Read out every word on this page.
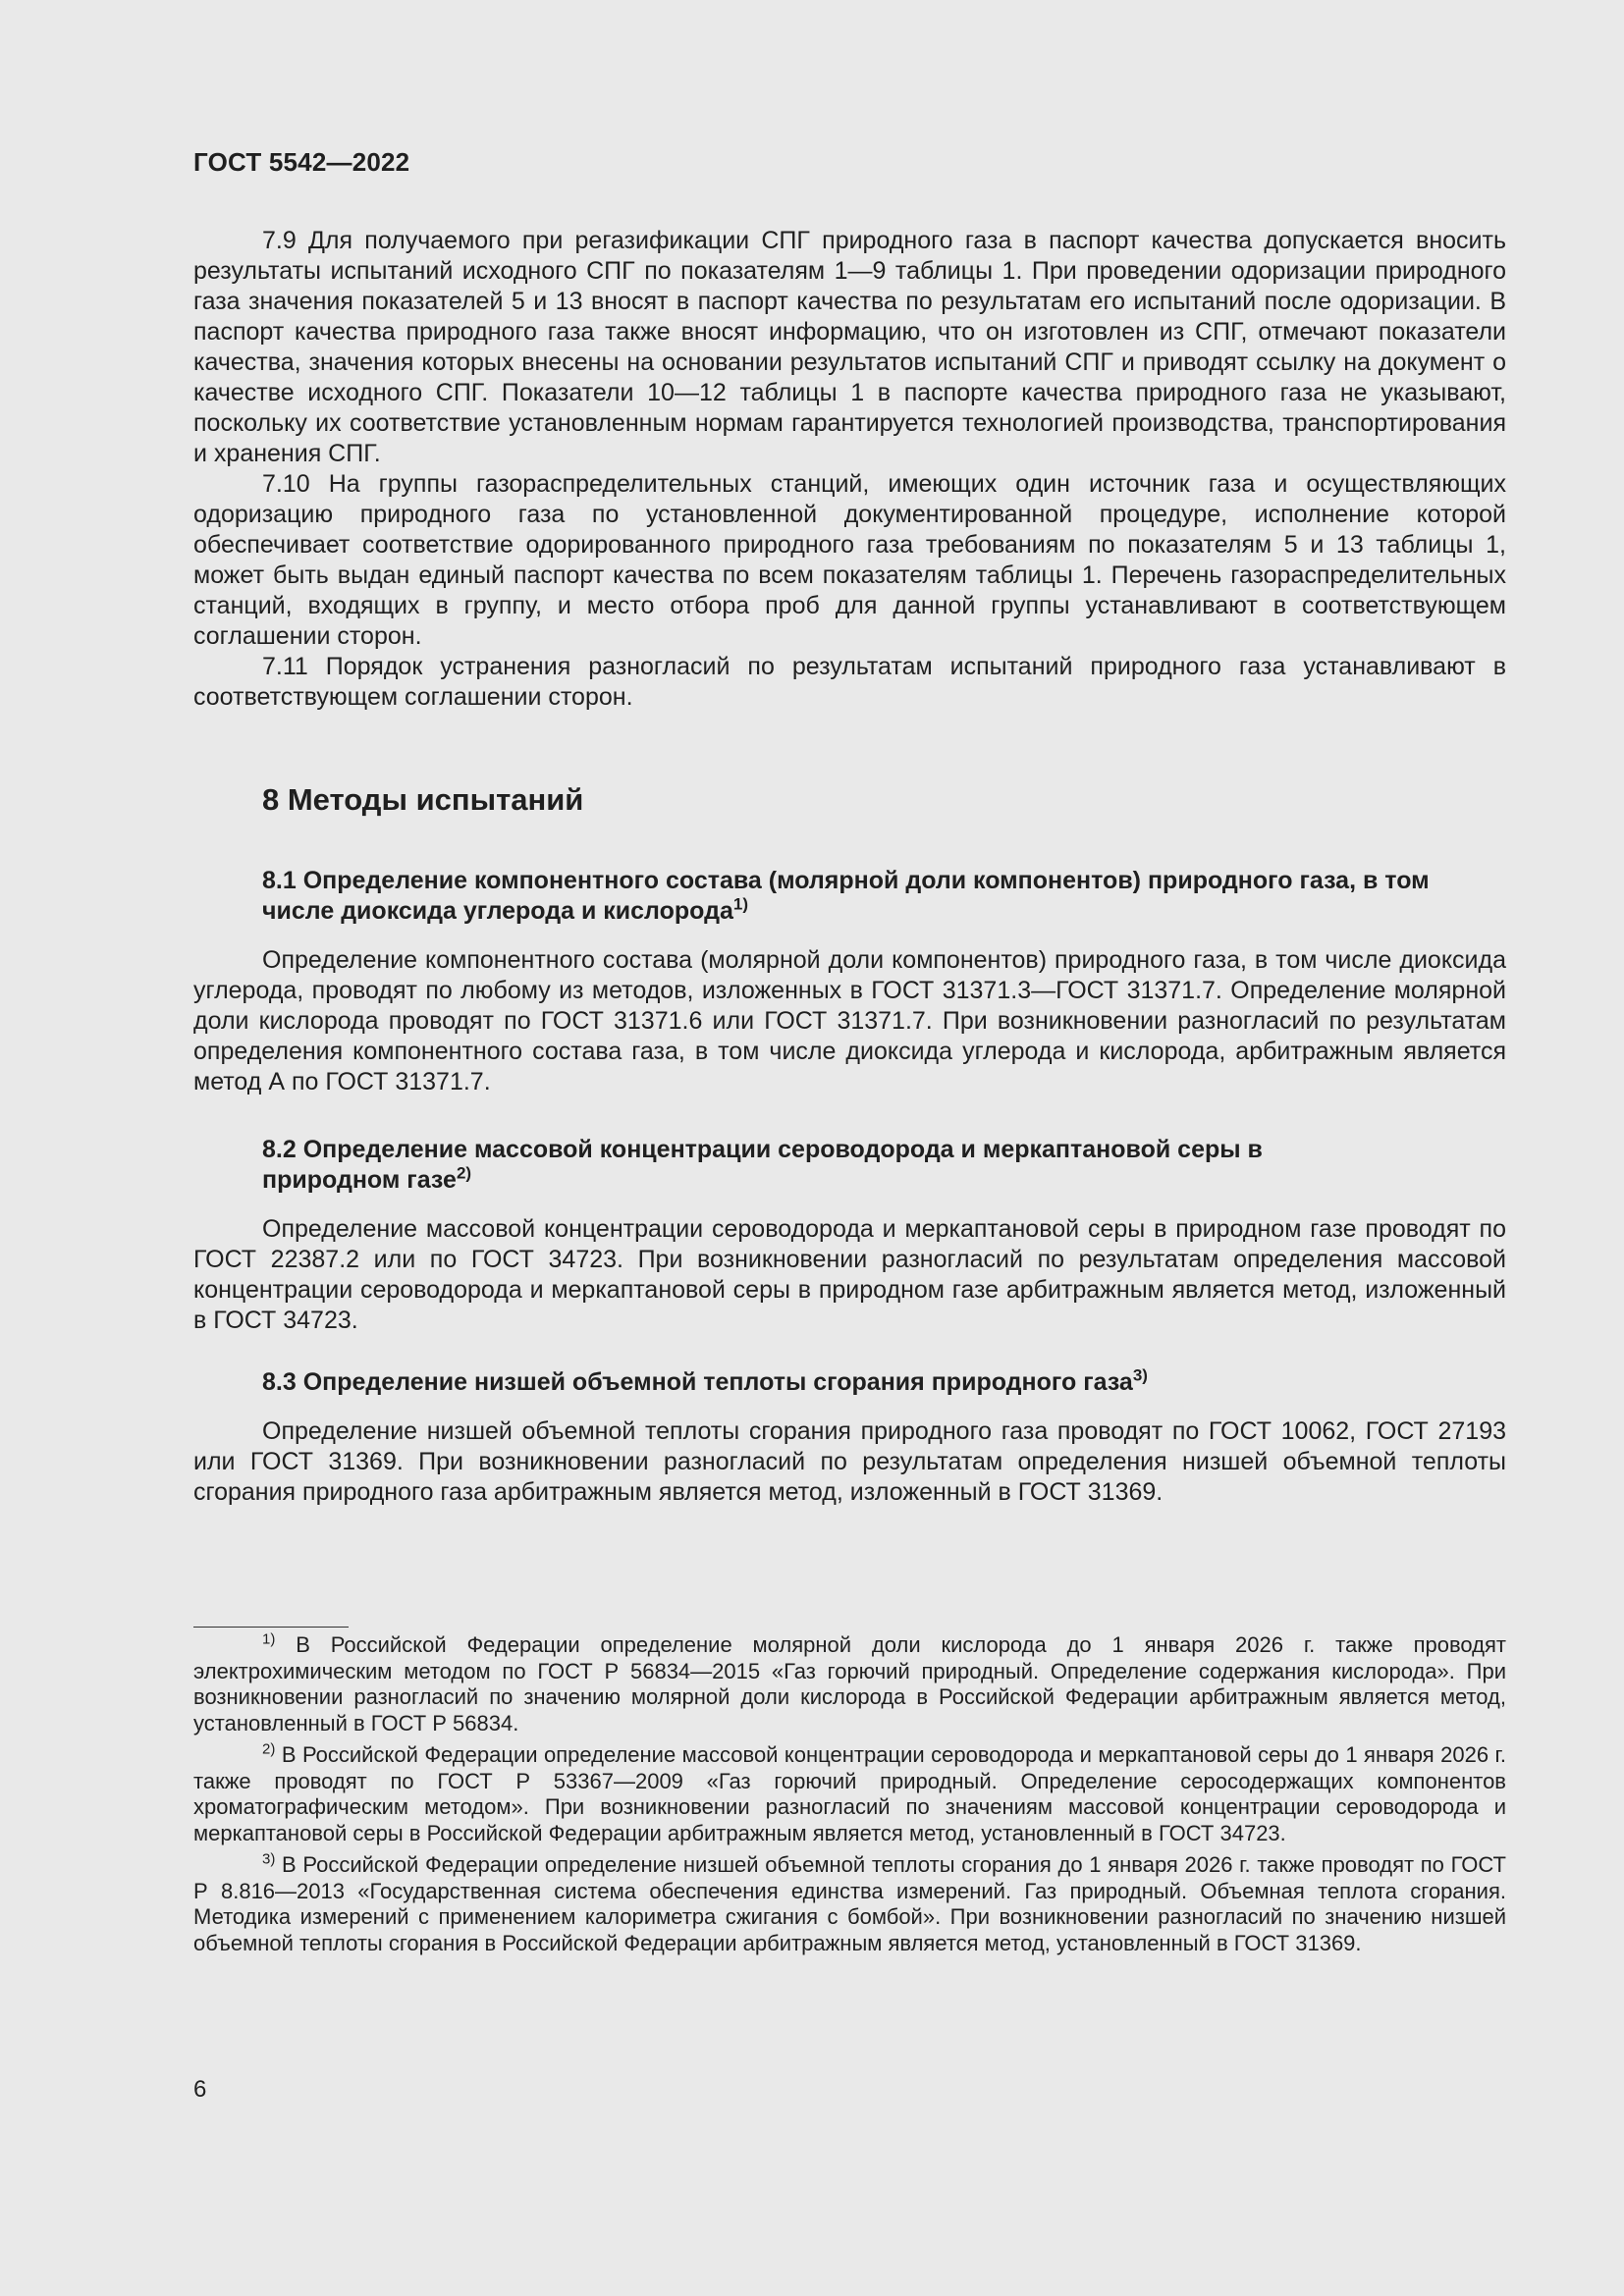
ГОСТ 5542—2022

7.9 Для получаемого при регазификации СПГ природного газа в паспорт качества допускается вносить результаты испытаний исходного СПГ по показателям 1—9 таблицы 1. При проведении одоризации природного газа значения показателей 5 и 13 вносят в паспорт качества по результатам его испытаний после одоризации. В паспорт качества природного газа также вносят информацию, что он изготовлен из СПГ, отмечают показатели качества, значения которых внесены на основании результатов испытаний СПГ и приводят ссылку на документ о качестве исходного СПГ. Показатели 10—12 таблицы 1 в паспорте качества природного газа не указывают, поскольку их соответствие установленным нормам гарантируется технологией производства, транспортирования и хранения СПГ.

7.10 На группы газораспределительных станций, имеющих один источник газа и осуществляющих одоризацию природного газа по установленной документированной процедуре, исполнение которой обеспечивает соответствие одорированного природного газа требованиям по показателям 5 и 13 таблицы 1, может быть выдан единый паспорт качества по всем показателям таблицы 1. Перечень газораспределительных станций, входящих в группу, и место отбора проб для данной группы устанавливают в соответствующем соглашении сторон.

7.11 Порядок устранения разногласий по результатам испытаний природного газа устанавливают в соответствующем соглашении сторон.

8 Методы испытаний

8.1 Определение компонентного состава (молярной доли компонентов) природного газа, в том числе диоксида углерода и кислорода$^{1)}$

Определение компонентного состава (молярной доли компонентов) природного газа, в том числе диоксида углерода, проводят по любому из методов, изложенных в ГОСТ 31371.3—ГОСТ 31371.7. Определение молярной доли кислорода проводят по ГОСТ 31371.6 или ГОСТ 31371.7. При возникновении разногласий по результатам определения компонентного состава газа, в том числе диоксида углерода и кислорода, арбитражным является метод А по ГОСТ 31371.7.

8.2 Определение массовой концентрации сероводорода и меркаптановой серы в природном газе$^{2)}$

Определение массовой концентрации сероводорода и меркаптановой серы в природном газе проводят по ГОСТ 22387.2 или по ГОСТ 34723. При возникновении разногласий по результатам определения массовой концентрации сероводорода и меркаптановой серы в природном газе арбитражным является метод, изложенный в ГОСТ 34723.

8.3 Определение низшей объемной теплоты сгорания природного газа$^{3)}$

Определение низшей объемной теплоты сгорания природного газа проводят по ГОСТ 10062, ГОСТ 27193 или ГОСТ 31369. При возникновении разногласий по результатам определения низшей объемной теплоты сгорания природного газа арбитражным является метод, изложенный в ГОСТ 31369.

$^{1)}$ В Российской Федерации определение молярной доли кислорода до 1 января 2026 г. также проводят электрохимическим методом по ГОСТ Р 56834—2015 «Газ горючий природный. Определение содержания кислорода». При возникновении разногласий по значению молярной доли кислорода в Российской Федерации арбитражным является метод, установленный в ГОСТ Р 56834.

$^{2)}$ В Российской Федерации определение массовой концентрации сероводорода и меркаптановой серы до 1 января 2026 г. также проводят по ГОСТ Р 53367—2009 «Газ горючий природный. Определение серосодержащих компонентов хроматографическим методом». При возникновении разногласий по значениям массовой концентрации сероводорода и меркаптановой серы в Российской Федерации арбитражным является метод, установленный в ГОСТ 34723.

$^{3)}$ В Российской Федерации определение низшей объемной теплоты сгорания до 1 января 2026 г. также проводят по ГОСТ Р 8.816—2013 «Государственная система обеспечения единства измерений. Газ природный. Объемная теплота сгорания. Методика измерений с применением калориметра сжигания с бомбой». При возникновении разногласий по значению низшей объемной теплоты сгорания в Российской Федерации арбитражным является метод, установленный в ГОСТ 31369.

6
